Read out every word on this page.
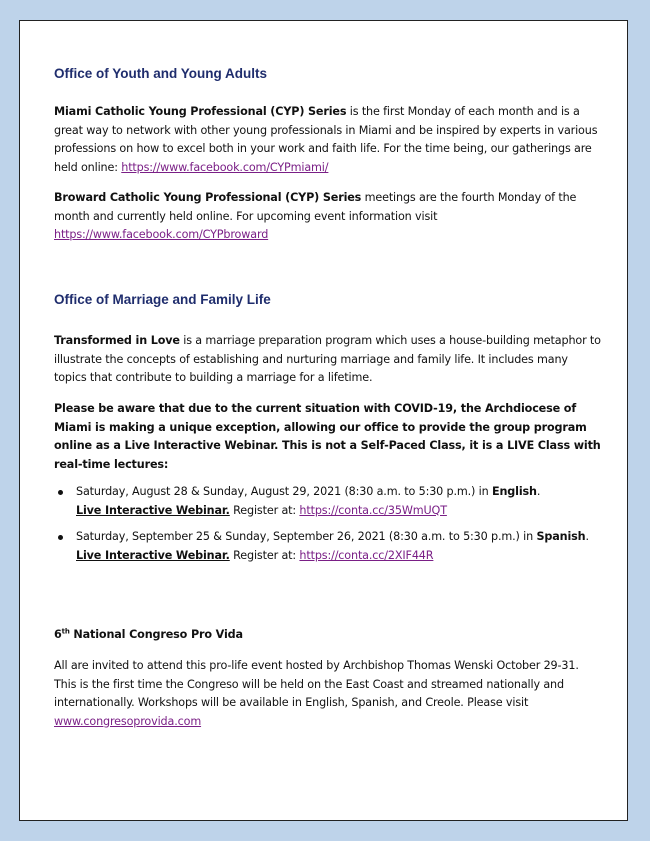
Office of Youth and Young Adults

Miami Catholic Young Professional (CYP) Series is the first Monday of each month and is a great way to network with other young professionals in Miami and be inspired by experts in various professions on how to excel both in your work and faith life. For the time being, our gatherings are held online: https://www.facebook.com/CYPmiami/

Broward Catholic Young Professional (CYP) Series meetings are the fourth Monday of the month and currently held online. For upcoming event information visit https://www.facebook.com/CYPbroward

Office of Marriage and Family Life

Transformed in Love is a marriage preparation program which uses a house-building metaphor to illustrate the concepts of establishing and nurturing marriage and family life. It includes many topics that contribute to building a marriage for a lifetime.

Please be aware that due to the current situation with COVID-19, the Archdiocese of Miami is making a unique exception, allowing our office to provide the group program online as a Live Interactive Webinar. This is not a Self-Paced Class, it is a LIVE Class with real-time lectures:

Saturday, August 28 & Sunday, August 29, 2021 (8:30 a.m. to 5:30 p.m.) in English.
Live Interactive Webinar. Register at: https://conta.cc/35WmUQT
Saturday, September 25 & Sunday, September 26, 2021 (8:30 a.m. to 5:30 p.m.) in Spanish.
Live Interactive Webinar. Register at: https://conta.cc/2XIF44R

6th National Congreso Pro Vida

All are invited to attend this pro-life event hosted by Archbishop Thomas Wenski October 29-31. This is the first time the Congreso will be held on the East Coast and streamed nationally and internationally. Workshops will be available in English, Spanish, and Creole. Please visit www.congresoprovida.com
